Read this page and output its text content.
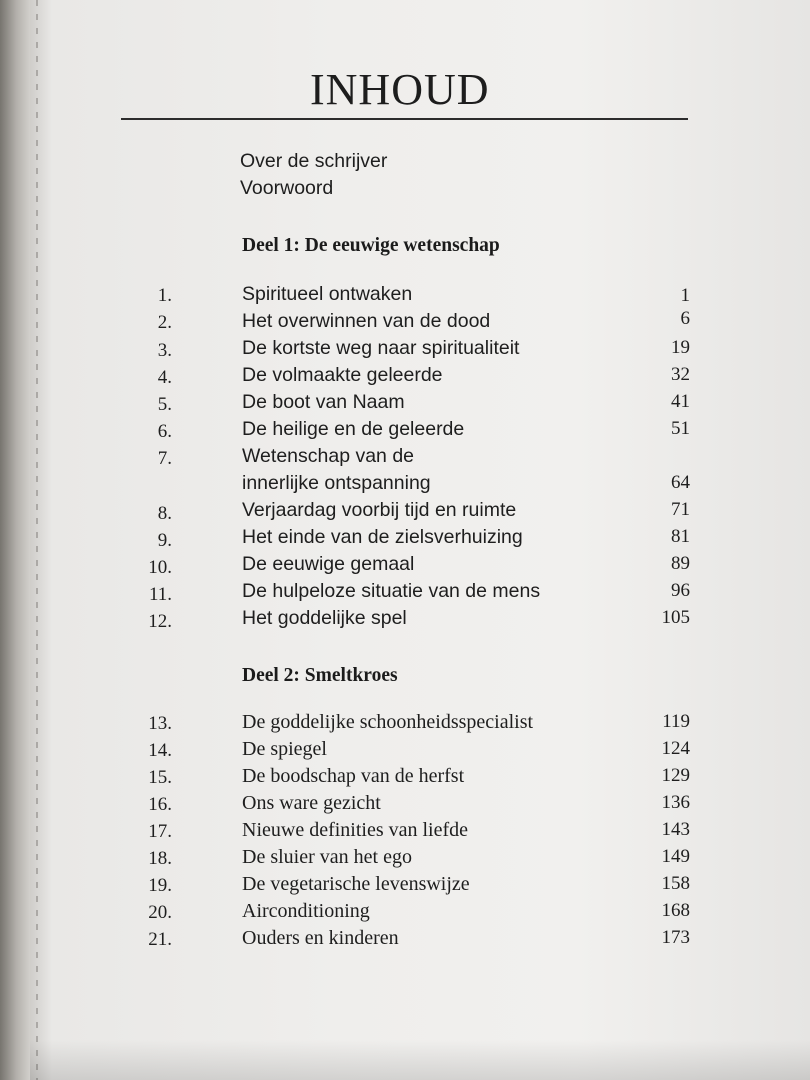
INHOUD
Over de schrijver
Voorwoord
Deel 1: De eeuwige wetenschap
1.	Spiritueel ontwaken	1
2.	Het overwinnen van de dood	6
3.	De kortste weg naar spiritualiteit	19
4.	De volmaakte geleerde	32
5.	De boot van Naam	41
6.	De heilige en de geleerde	51
7.	Wetenschap van de
innerlijke ontspanning	64
8.	Verjaardag voorbij tijd en ruimte	71
9.	Het einde van de zielsverhuizing	81
10.	De eeuwige gemaal	89
11.	De hulpeloze situatie van de mens	96
12.	Het goddelijke spel	105
Deel 2: Smeltkroes
13.	De goddelijke schoonheidsspecialist	119
14.	De spiegel	124
15.	De boodschap van de herfst	129
16.	Ons ware gezicht	136
17.	Nieuwe definities van liefde	143
18.	De sluier van het ego	149
19.	De vegetarische levenswijze	158
20.	Airconditioning	168
21.	Ouders en kinderen	173
